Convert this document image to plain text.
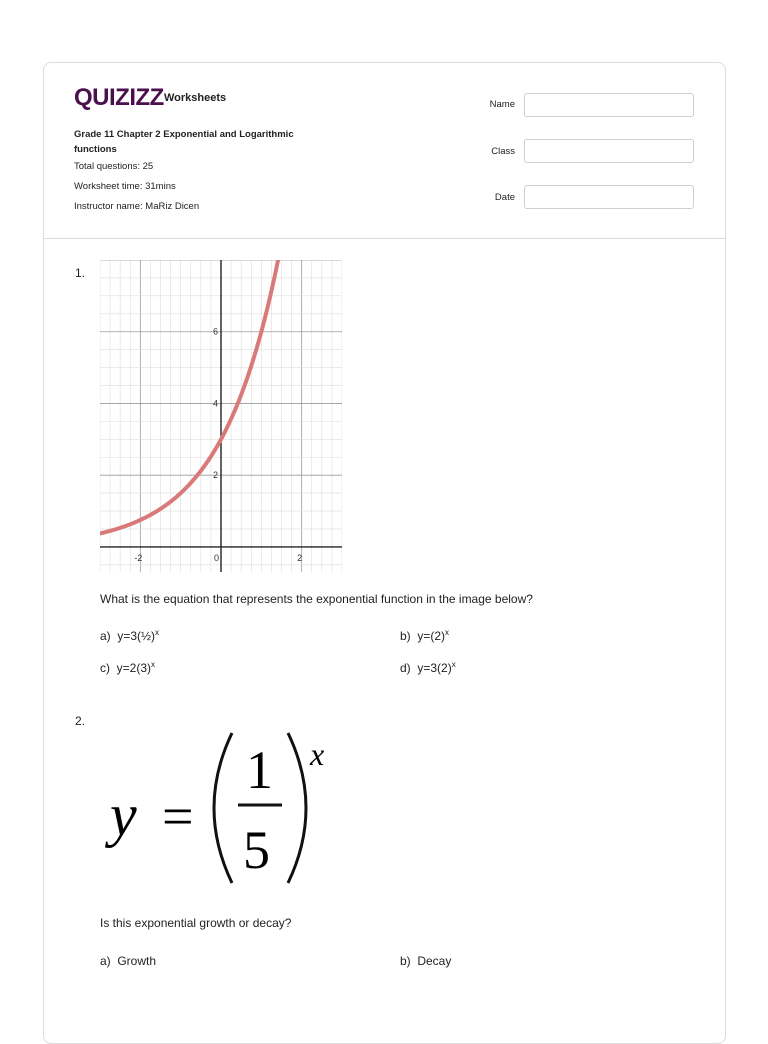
QUIZIZZ Worksheets
Grade 11 Chapter 2 Exponential and Logarithmic functions
Total questions: 25
Worksheet time: 31mins
Instructor name: MaRiz Dicen
Name
Class
Date
1.
-2	0	2
2
4
6
What is the equation that represents the exponential function in the image below?
a) y=3(½)$^x$	b) $y=(2)^x$
c) $y=2(3)^x$	d) $y=3(2)^x$
2.
y =
1
5
x
Is this exponential growth or decay?
a) Growth	b) Decay
